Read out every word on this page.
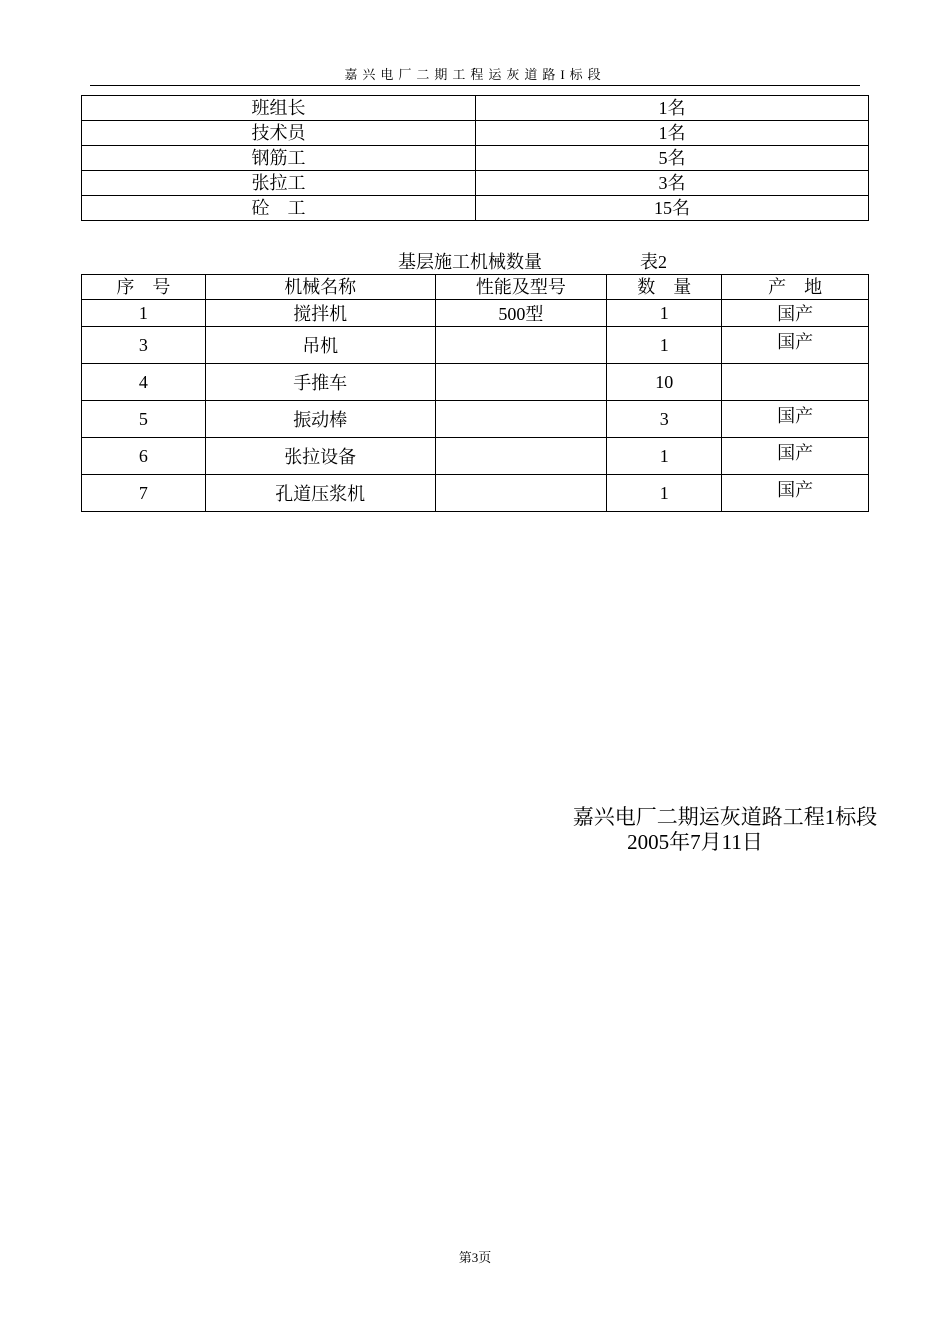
嘉兴电厂二期工程运灰道路I标段
班组长	1名
技术员	1名
钢筋工	5名
张拉工	3名
砼　工	15名
基层施工机械数量	表2
序　号	机械名称	性能及型号	数　量	产　地
1	搅拌机	500型	1	国产
3	吊机		1	国产
4	手推车		10	
5	振动棒		3	国产
6	张拉设备		1	国产
7	孔道压浆机		1	国产
嘉兴电厂二期运灰道路工程1标段
2005年7月11日
第3页
